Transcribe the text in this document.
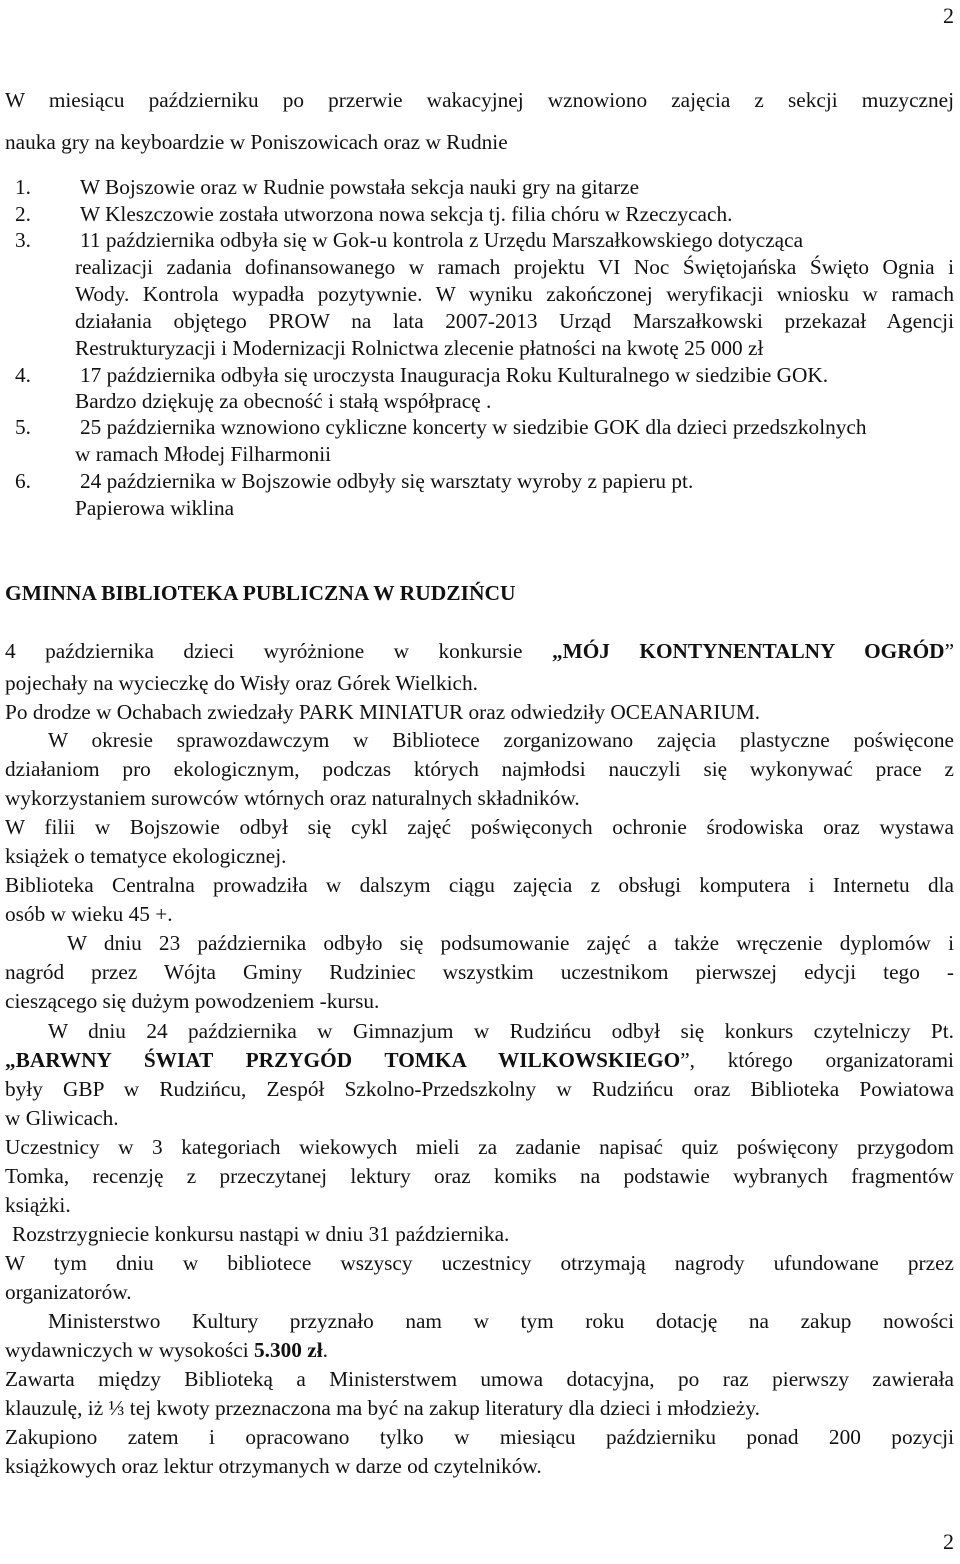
2
W miesiącu październiku po przerwie wakacyjnej wznowiono zajęcia z sekcji muzycznej
nauka gry na keyboardzie w Poniszowicach oraz w Rudnie
1. W Bojszowie oraz w Rudnie powstała sekcja nauki gry na gitarze
2. W Kleszczowie została utworzona nowa sekcja tj. filia chóru w Rzeczycach.
3. 11 października odbyła się w Gok-u kontrola z Urzędu Marszałkowskiego dotycząca
realizacji zadania dofinansowanego w ramach projektu VI Noc Świętojańska Święto Ognia i
Wody. Kontrola wypadła pozytywnie. W wyniku zakończonej weryfikacji wniosku w ramach
działania objętego PROW na lata 2007-2013 Urząd Marszałkowski przekazał Agencji
Restrukturyzacji i Modernizacji Rolnictwa zlecenie płatności na kwotę 25 000 zł
4. 17 października odbyła się uroczysta Inauguracja Roku Kulturalnego w siedzibie GOK.
Bardzo dziękuję za obecność i stałą współpracę .
5. 25 października wznowiono cykliczne koncerty w siedzibie GOK dla dzieci przedszkolnych
w ramach Młodej Filharmonii
6. 24 października w Bojszowie odbyły się warsztaty wyroby z papieru pt.
Papierowa wiklina
GMINNA BIBLIOTEKA PUBLICZNA W RUDZIŃCU
4 października dzieci wyróżnione w konkursie „MÓJ KONTYNENTALNY OGRÓD”
pojechały na wycieczkę do Wisły oraz Górek Wielkich.
Po drodze w Ochabach zwiedzały PARK MINIATUR oraz odwiedziły OCEANARIUM.
W okresie sprawozdawczym w Bibliotece zorganizowano zajęcia plastyczne poświęcone
działaniom pro ekologicznym, podczas których najmłodsi nauczyli się wykonywać prace z
wykorzystaniem surowców wtórnych oraz naturalnych składników.
W filii w Bojszowie odbył się cykl zajęć poświęconych ochronie środowiska oraz wystawa
książek o tematyce ekologicznej.
Biblioteka Centralna prowadziła w dalszym ciągu zajęcia z obsługi komputera i Internetu dla
osób w wieku 45 +.
W dniu 23 października odbyło się podsumowanie zajęć a także wręczenie dyplomów i
nagród przez Wójta Gminy Rudziniec wszystkim uczestnikom pierwszej edycji tego -
cieszącego się dużym powodzeniem -kursu.
W dniu 24 października w Gimnazjum w Rudzińcu odbył się konkurs czytelniczy Pt.
„BARWNY ŚWIAT PRZYGÓD TOMKA WILKOWSKIEGO”, którego organizatorami
były GBP w Rudzińcu, Zespół Szkolno-Przedszkolny w Rudzińcu oraz Biblioteka Powiatowa
w Gliwicach.
Uczestnicy w 3 kategoriach wiekowych mieli za zadanie napisać quiz poświęcony przygodom
Tomka, recenzję z przeczytanej lektury oraz komiks na podstawie wybranych fragmentów
książki.
Rozstrzygniecie konkursu nastąpi w dniu 31 października.
W tym dniu w bibliotece wszyscy uczestnicy otrzymają nagrody ufundowane przez
organizatorów.
Ministerstwo Kultury przyznało nam w tym roku dotację na zakup nowości
wydawniczych w wysokości 5.300 zł.
Zawarta między Biblioteką a Ministerstwem umowa dotacyjna, po raz pierwszy zawierała
klauzulę, iż ⅓ tej kwoty przeznaczona ma być na zakup literatury dla dzieci i młodzieży.
Zakupiono zatem i opracowano tylko w miesiącu październiku ponad 200 pozycji
książkowych oraz lektur otrzymanych w darze od czytelników.
2
